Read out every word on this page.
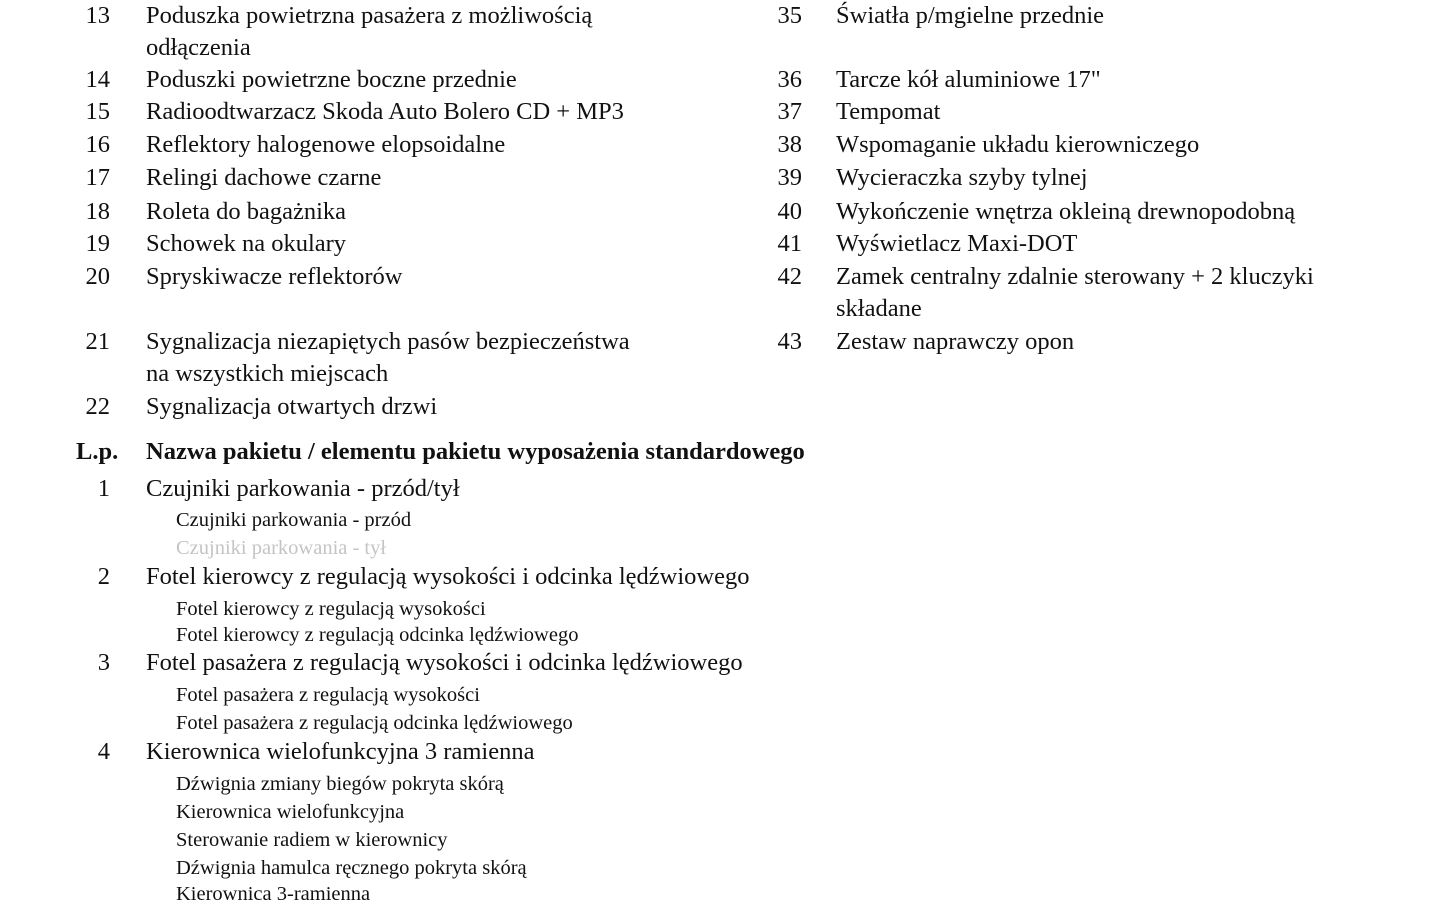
13 Poduszka powietrzna pasażera z możliwością
odłączenia
14 Poduszki powietrzne boczne przednie
15 Radioodtwarzacz Skoda Auto Bolero CD + MP3
16 Reflektory halogenowe elopsoidalne
17 Relingi dachowe czarne
18 Roleta do bagażnika
19 Schowek na okulary
20 Spryskiwacze reflektorów
21 Sygnalizacja niezapiętych pasów bezpieczeństwa
na wszystkich miejscach
22 Sygnalizacja otwartych drzwi
35 Światła p/mgielne przednie
36 Tarcze kół aluminiowe 17"
37 Tempomat
38 Wspomaganie układu kierowniczego
39 Wycieraczka szyby tylnej
40 Wykończenie wnętrza okleiną drewnopodobną
41 Wyświetlacz Maxi-DOT
42 Zamek centralny zdalnie sterowany + 2 kluczyki
składane
43 Zestaw naprawczy opon
L.p. Nazwa pakietu / elementu pakietu wyposażenia standardowego
1 Czujniki parkowania - przód/tył
Czujniki parkowania - przód
Czujniki parkowania - tył
2 Fotel kierowcy z regulacją wysokości i odcinka lędźwiowego
Fotel kierowcy z regulacją wysokości
Fotel kierowcy z regulacją odcinka lędźwiowego
3 Fotel pasażera z regulacją wysokości i odcinka lędźwiowego
Fotel pasażera z regulacją wysokości
Fotel pasażera z regulacją odcinka lędźwiowego
4 Kierownica wielofunkcyjna 3 ramienna
Dźwignia zmiany biegów pokryta skórą
Kierownica wielofunkcyjna
Sterowanie radiem w kierownicy
Dźwignia hamulca ręcznego pokryta skórą
Kierownica 3-ramienna
